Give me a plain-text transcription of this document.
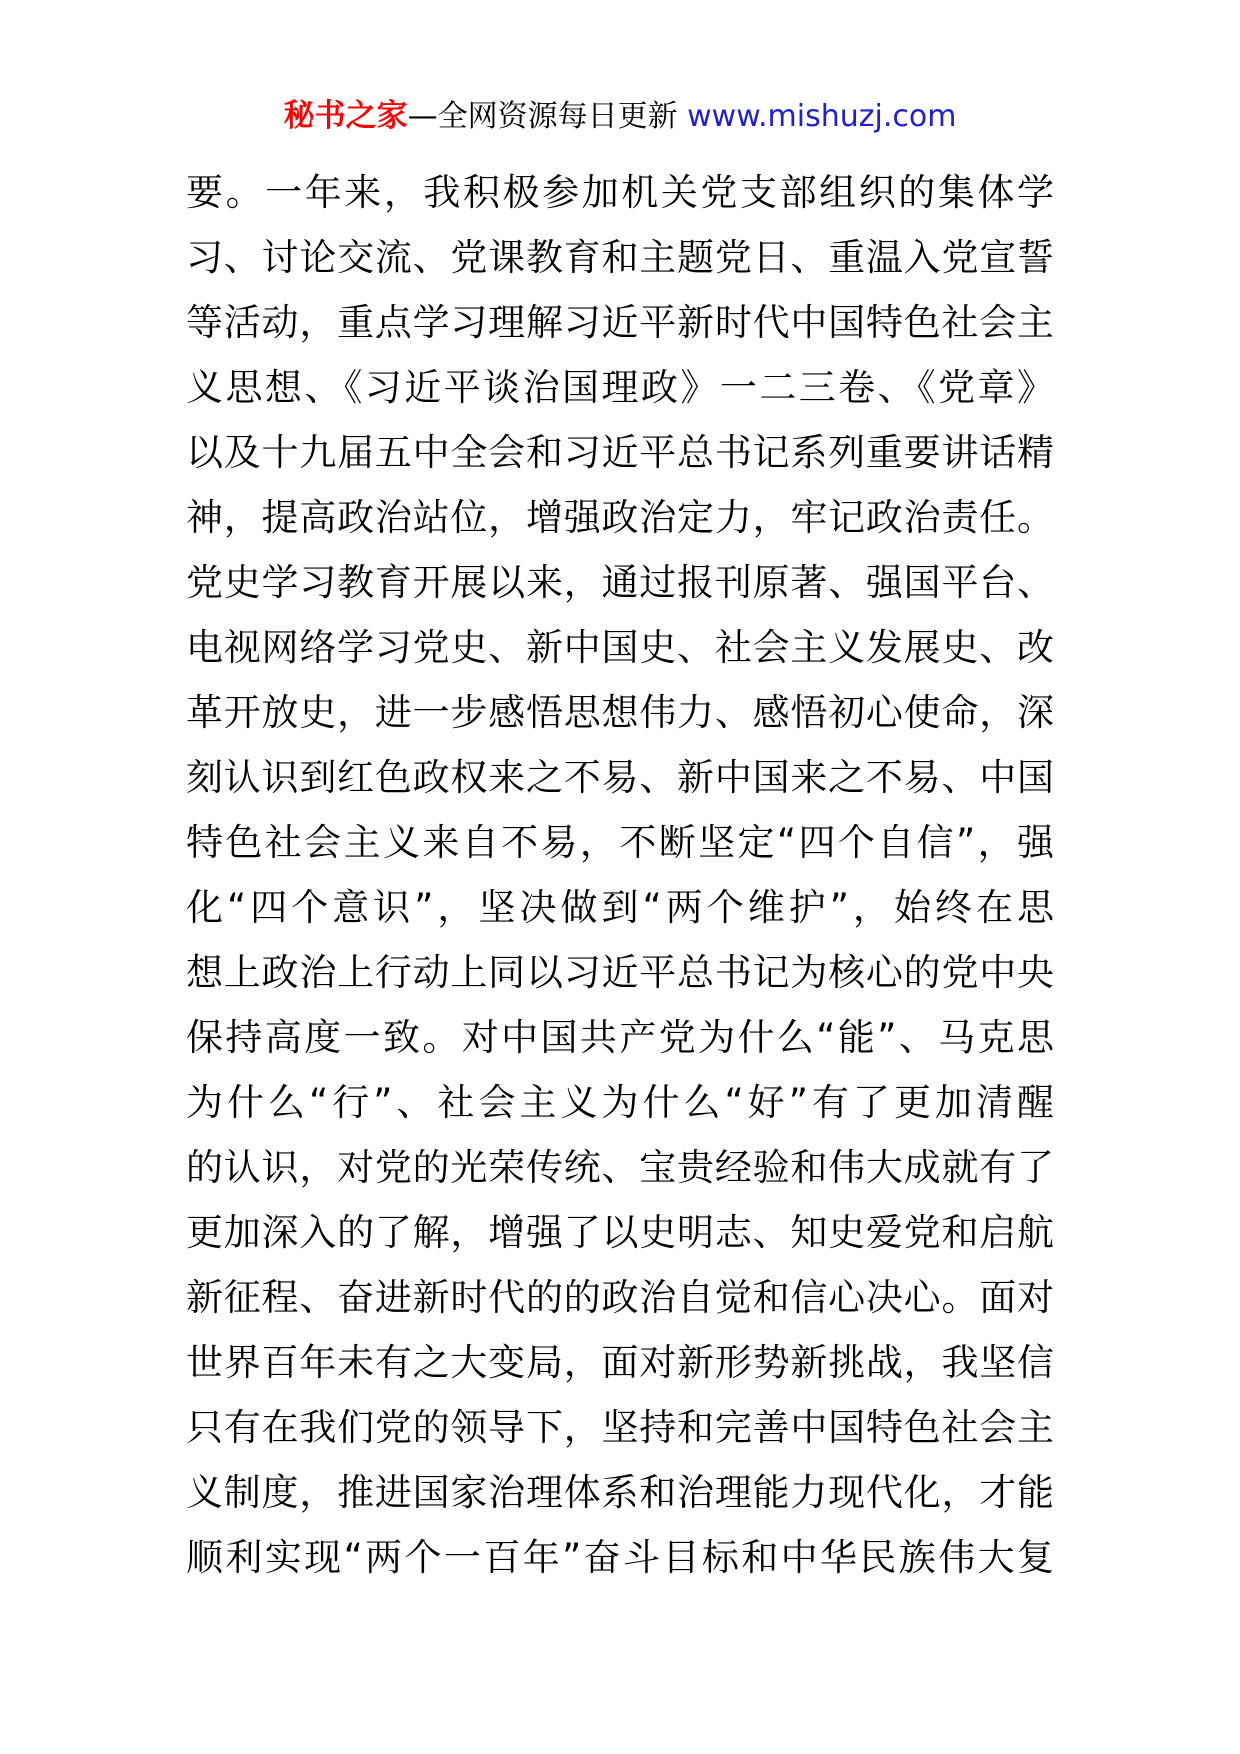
秘书之家—全网资源每日更新 www.mishuzj.com
要。一年来，我积极参加机关党支部组织的集体学
习、讨论交流、党课教育和主题党日、重温入党宣誓
等活动，重点学习理解习近平新时代中国特色社会主
义思想、《习近平谈治国理政》一二三卷、《党章》
以及十九届五中全会和习近平总书记系列重要讲话精
神，提高政治站位，增强政治定力，牢记政治责任。
党史学习教育开展以来，通过报刊原著、强国平台、
电视网络学习党史、新中国史、社会主义发展史、改
革开放史，进一步感悟思想伟力、感悟初心使命，深
刻认识到红色政权来之不易、新中国来之不易、中国
特色社会主义来自不易，不断坚定“四个自信”，强
化“四个意识”，坚决做到“两个维护”，始终在思
想上政治上行动上同以习近平总书记为核心的党中央
保持高度一致。对中国共产党为什么“能”、马克思
为什么“行”、社会主义为什么“好”有了更加清醒
的认识，对党的光荣传统、宝贵经验和伟大成就有了
更加深入的了解，增强了以史明志、知史爱党和启航
新征程、奋进新时代的的政治自觉和信心决心。面对
世界百年未有之大变局，面对新形势新挑战，我坚信
只有在我们党的领导下，坚持和完善中国特色社会主
义制度，推进国家治理体系和治理能力现代化，才能
顺利实现“两个一百年”奋斗目标和中华民族伟大复
